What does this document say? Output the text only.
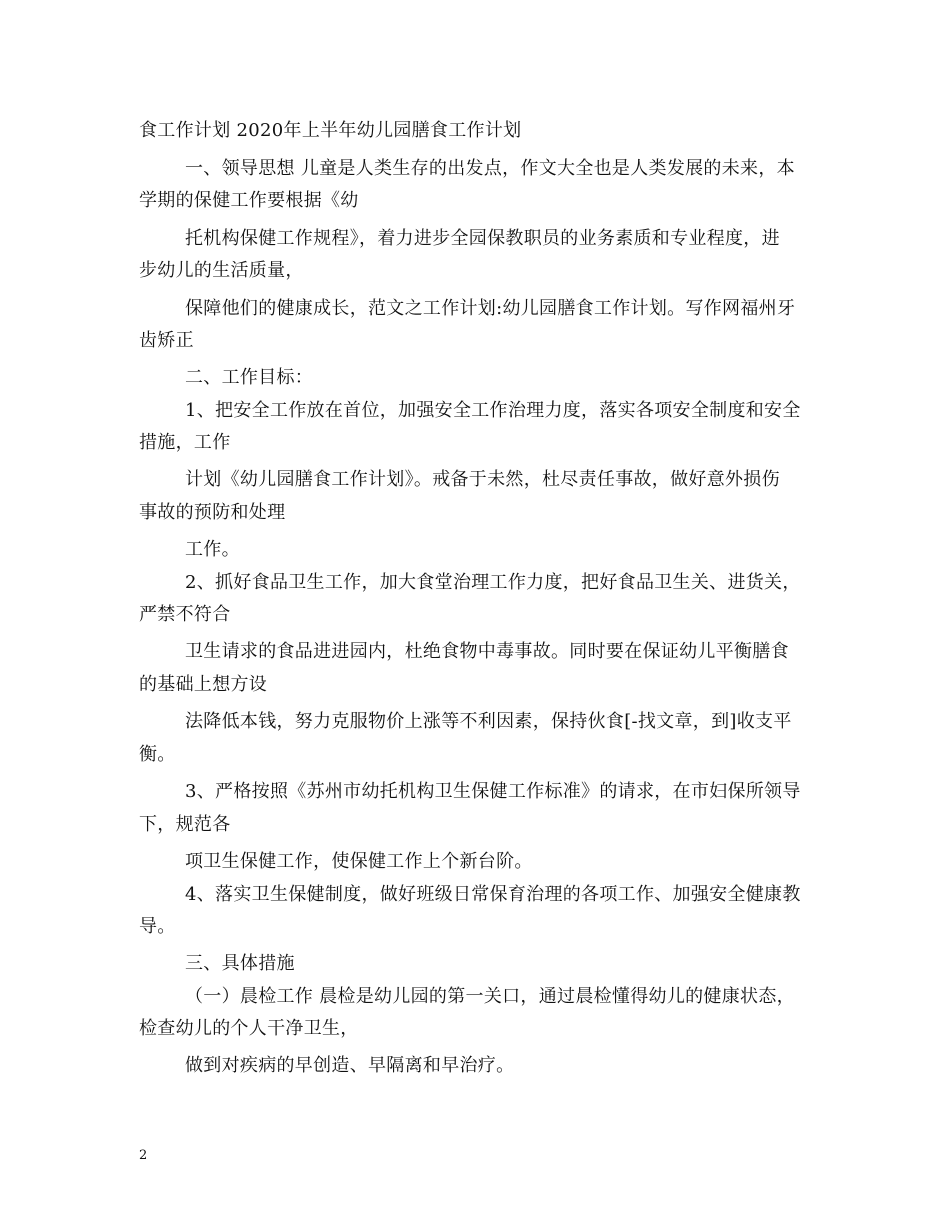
食工作计划 2020年上半年幼儿园膳食工作计划
一、领导思想 儿童是人类生存的出发点，作文大全也是人类发展的未来，本
学期的保健工作要根据《幼
托机构保健工作规程》，着力进步全园保教职员的业务素质和专业程度，进
步幼儿的生活质量，
保障他们的健康成长，范文之工作计划:幼儿园膳食工作计划。写作网福州牙
齿矫正
二、工作目标：
1、把安全工作放在首位，加强安全工作治理力度，落实各项安全制度和安全
措施，工作
计划《幼儿园膳食工作计划》。戒备于未然，杜尽责任事故，做好意外损伤
事故的预防和处理
工作。
2、抓好食品卫生工作，加大食堂治理工作力度，把好食品卫生关、进货关，
严禁不符合
卫生请求的食品进进园内，杜绝食物中毒事故。同时要在保证幼儿平衡膳食
的基础上想方设
法降低本钱，努力克服物价上涨等不利因素，保持伙食[-找文章，到]收支平
衡。
3、严格按照《苏州市幼托机构卫生保健工作标准》的请求，在市妇保所领导
下，规范各
项卫生保健工作，使保健工作上个新台阶。
4、落实卫生保健制度，做好班级日常保育治理的各项工作、加强安全健康教
导。
三、具体措施
（一）晨检工作 晨检是幼儿园的第一关口，通过晨检懂得幼儿的健康状态，
检查幼儿的个人干净卫生，
做到对疾病的早创造、早隔离和早治疗。
2
